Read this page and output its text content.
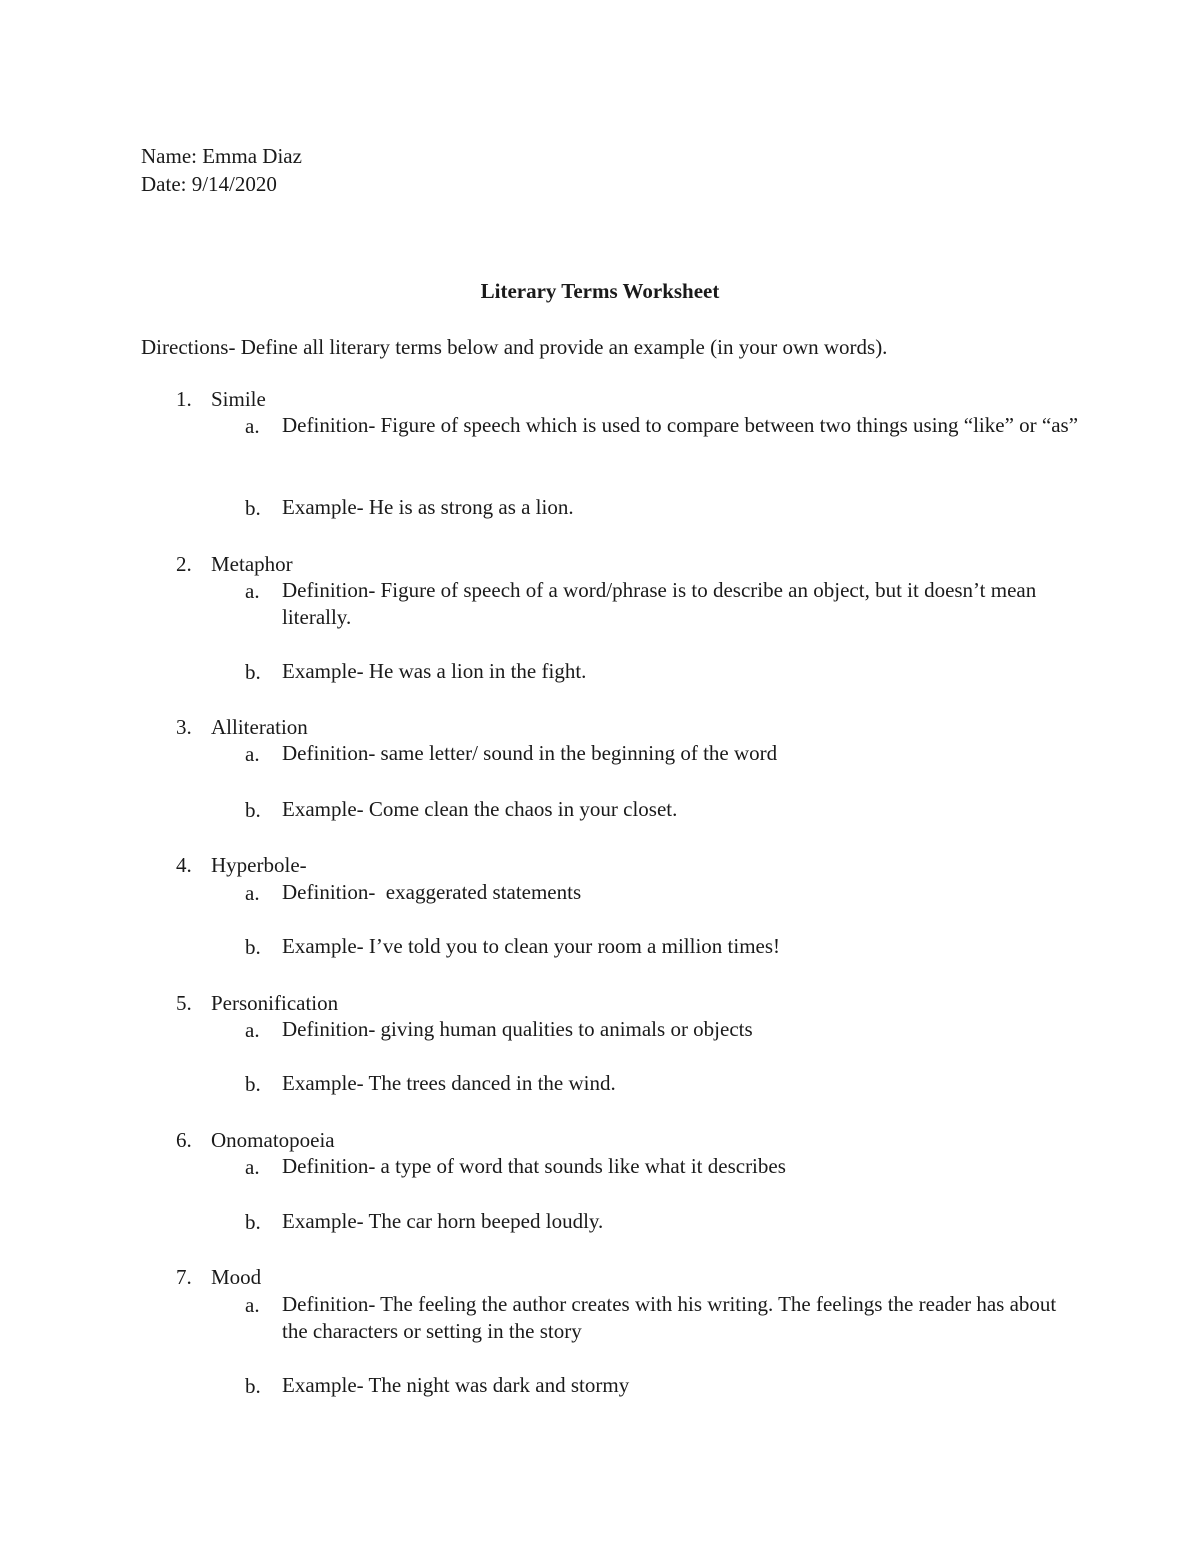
Name: Emma Diaz
Date: 9/14/2020
Literary Terms Worksheet
Directions- Define all literary terms below and provide an example (in your own words).
1. Simile
a. Definition- Figure of speech which is used to compare between two things using “like” or “as”
b. Example- He is as strong as a lion.
2. Metaphor
a. Definition- Figure of speech of a word/phrase is to describe an object, but it doesn’t mean literally.
b. Example- He was a lion in the fight.
3. Alliteration
a. Definition- same letter/ sound in the beginning of the word
b. Example- Come clean the chaos in your closet.
4. Hyperbole-
a. Definition-  exaggerated statements
b. Example- I’ve told you to clean your room a million times!
5. Personification
a. Definition- giving human qualities to animals or objects
b. Example- The trees danced in the wind.
6. Onomatopoeia
a. Definition- a type of word that sounds like what it describes
b. Example- The car horn beeped loudly.
7. Mood
a. Definition- The feeling the author creates with his writing. The feelings the reader has about the characters or setting in the story
b. Example- The night was dark and stormy
